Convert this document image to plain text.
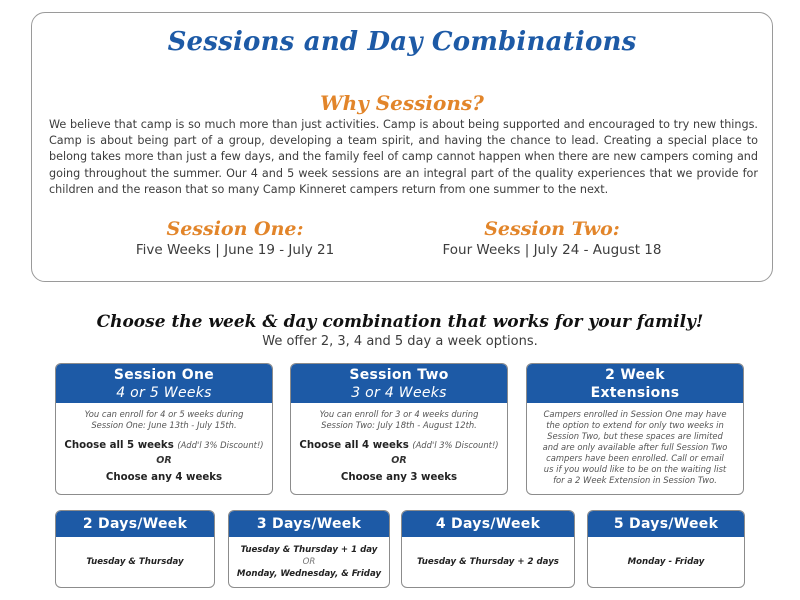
Sessions and Day Combinations
Why Sessions?
We believe that camp is so much more than just activities. Camp is about being supported and encouraged to try new things. Camp is about being part of a group, developing a team spirit, and having the chance to lead. Creating a special place to belong takes more than just a few days, and the family feel of camp cannot happen when there are new campers coming and going throughout the summer. Our 4 and 5 week sessions are an integral part of the quality experiences that we provide for children and the reason that so many Camp Kinneret campers return from one summer to the next.
Session One:
Five Weeks | June 19 - July 21
Session Two:
Four Weeks | July 24 - August 18
Choose the week & day combination that works for your family!
We offer 2, 3, 4 and 5 day a week options.
Session One
4 or 5 Weeks
You can enroll for 4 or 5 weeks during Session One: June 13th - July 15th.
Choose all 5 weeks (Add'l 3% Discount!)
OR
Choose any 4 weeks
Session Two
3 or 4 Weeks
You can enroll for 3 or 4 weeks during Session Two: July 18th - August 12th.
Choose all 4 weeks (Add'l 3% Discount!)
OR
Choose any 3 weeks
2 Week
Extensions
Campers enrolled in Session One may have the option to extend for only two weeks in Session Two, but these spaces are limited and are only available after full Session Two campers have been enrolled. Call or email us if you would like to be on the waiting list for a 2 Week Extension in Session Two.
2 Days/Week
Tuesday & Thursday
3 Days/Week
Tuesday & Thursday + 1 day
OR
Monday, Wednesday, & Friday
4 Days/Week
Tuesday & Thursday + 2 days
5 Days/Week
Monday - Friday
